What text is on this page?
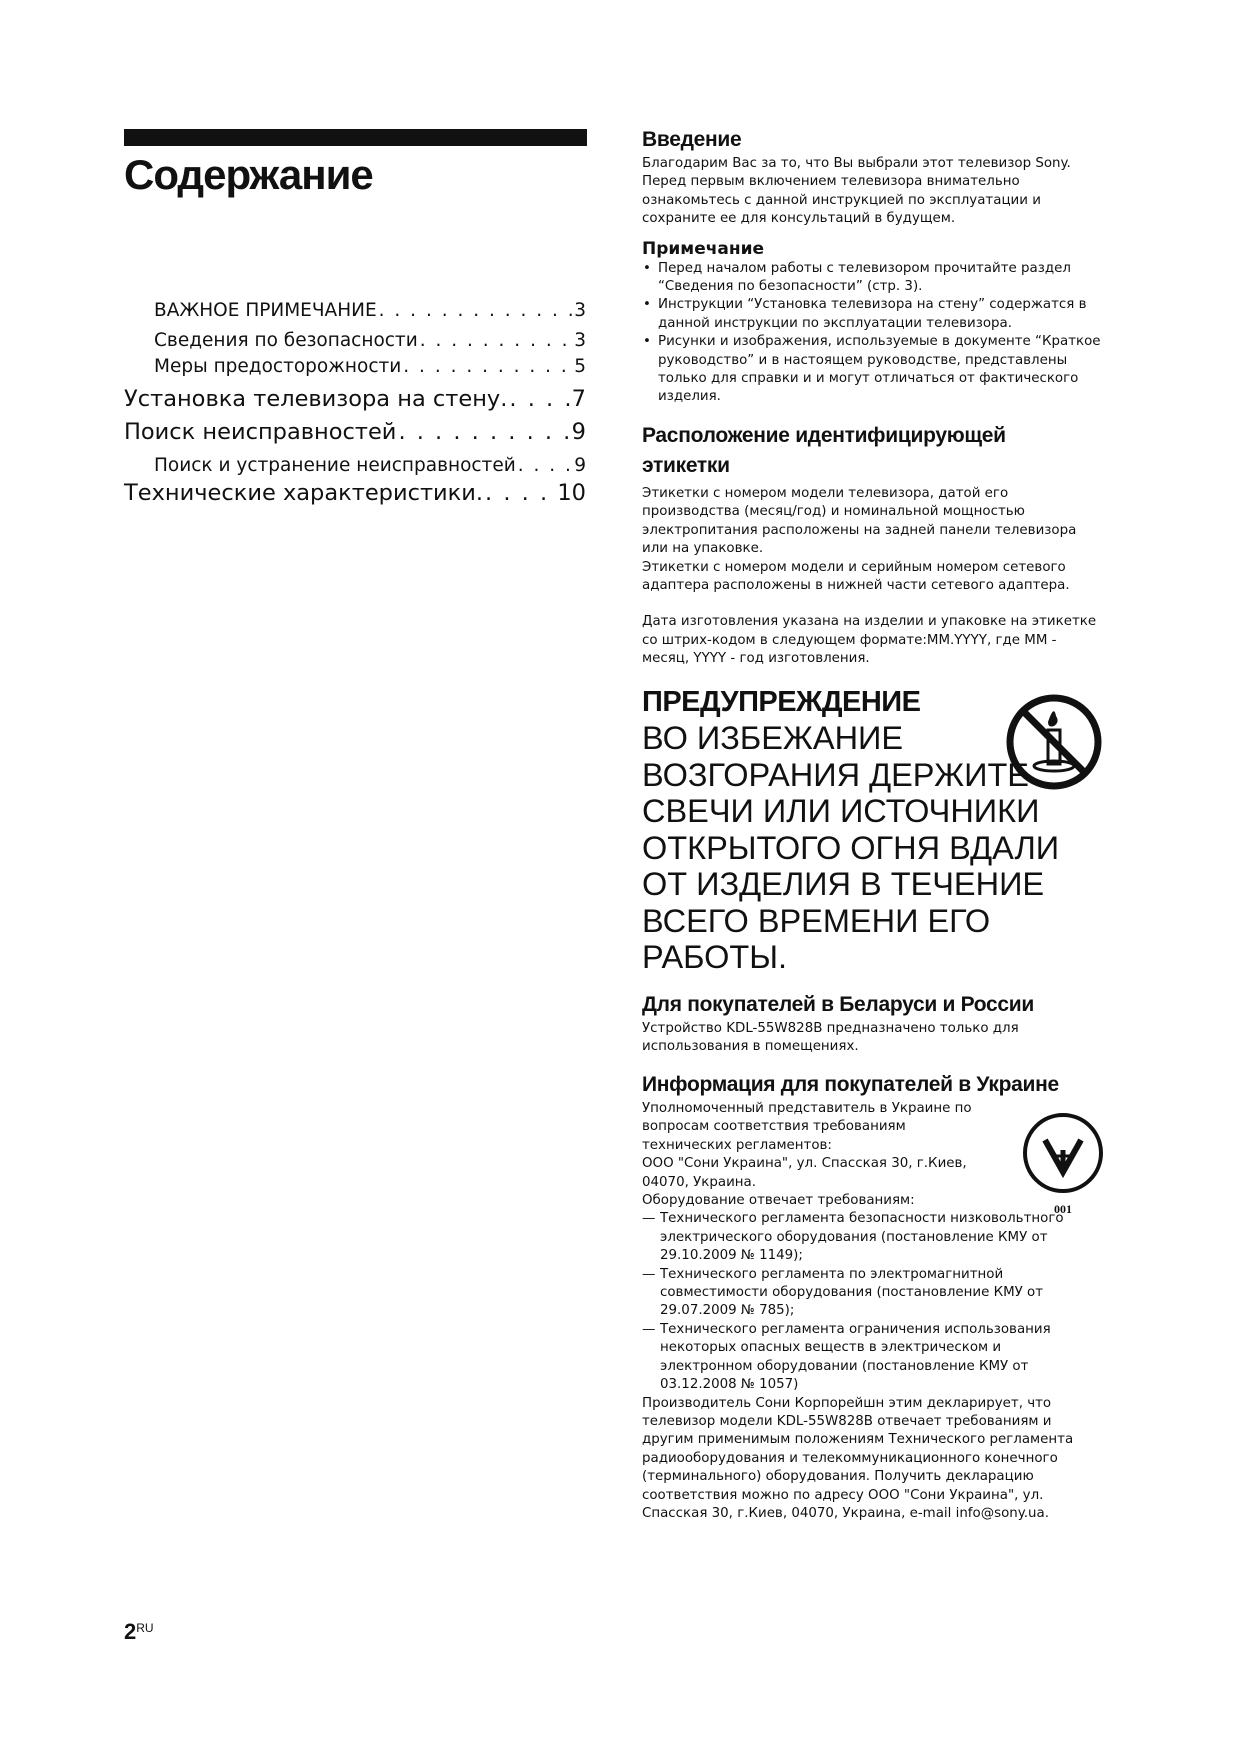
Содержание
ВАЖНОЕ ПРИМЕЧАНИЕ . . .	3
Сведения по безопасности . . .	3
Меры предосторожности . . .	5
Установка телевизора на стену. . . .	7
Поиск неисправностей . . .	9
Поиск и устранение неисправностей . . .	9
Технические характеристики. . . .	10
Введение

Благодарим Вас за то, что Вы выбрали этот телевизор Sony. Перед первым включением телевизора внимательно ознакомьтесь с данной инструкцией по эксплуатации и сохраните ее для консультаций в будущем.

Примечание
• Перед началом работы с телевизором прочитайте раздел “Сведения по безопасности” (стр. 3).
• Инструкции “Установка телевизора на стену” содержатся в данной инструкции по эксплуатации телевизора.
• Рисунки и изображения, используемые в документе “Краткое руководство” и в настоящем руководстве, представлены только для справки и и могут отличаться от фактического изделия.
Расположение идентифицирующей этикетки

Этикетки с номером модели телевизора, датой его производства (месяц/год) и номинальной мощностью электропитания расположены на задней панели телевизора или на упаковке.

Этикетки с номером модели и серийным номером сетевого адаптера расположены в нижней части сетевого адаптера.

Дата изготовления указана на изделии и упаковке на этикетке со штрих-кодом в следующем формате:MM.YYYY, где MM - месяц, YYYY - год изготовления.

ПРЕДУПРЕЖДЕНИЕ

ВО ИЗБЕЖАНИЕ ВОЗГОРАНИЯ ДЕРЖИТЕ СВЕЧИ ИЛИ ИСТОЧНИКИ ОТКРЫТОГО ОГНЯ ВДАЛИ ОТ ИЗДЕЛИЯ В ТЕЧЕНИЕ ВСЕГО ВРЕМЕНИ ЕГО РАБОТЫ.

Для покупателей в Беларуси и России

Устройство KDL-55W828B предназначено только для использования в помещениях.

Информация для покупателей в Украине

Уполномоченный представитель в Украине по вопросам соответствия требованиям технических регламентов:

ООО "Сони Украина", ул. Спасская 30, г.Киев, 04070, Украина.

Оборудование отвечает требованиям:

— Технического регламента безопасности низковольтного электрического оборудования (постановление КМУ от 29.10.2009 № 1149);
— Технического регламента по электромагнитной совместимости оборудования (постановление КМУ от 29.07.2009 № 785);
— Технического регламента ограничения использования некоторых опасных веществ в электрическом и электронном оборудовании (постановление КМУ от 03.12.2008 № 1057)

Производитель Сони Корпорейшн этим декларирует, что телевизор модели KDL-55W828B отвечает требованиям и другим применимым положениям Технического регламента радиооборудования и телекоммуникационного конечного (терминального) оборудования. Получить декларацию соответствия можно по адресу ООО "Сони Украина", ул. Спасская 30, г.Киев, 04070, Украина, e-mail info@sony.ua.

001
$2^{RU}$
